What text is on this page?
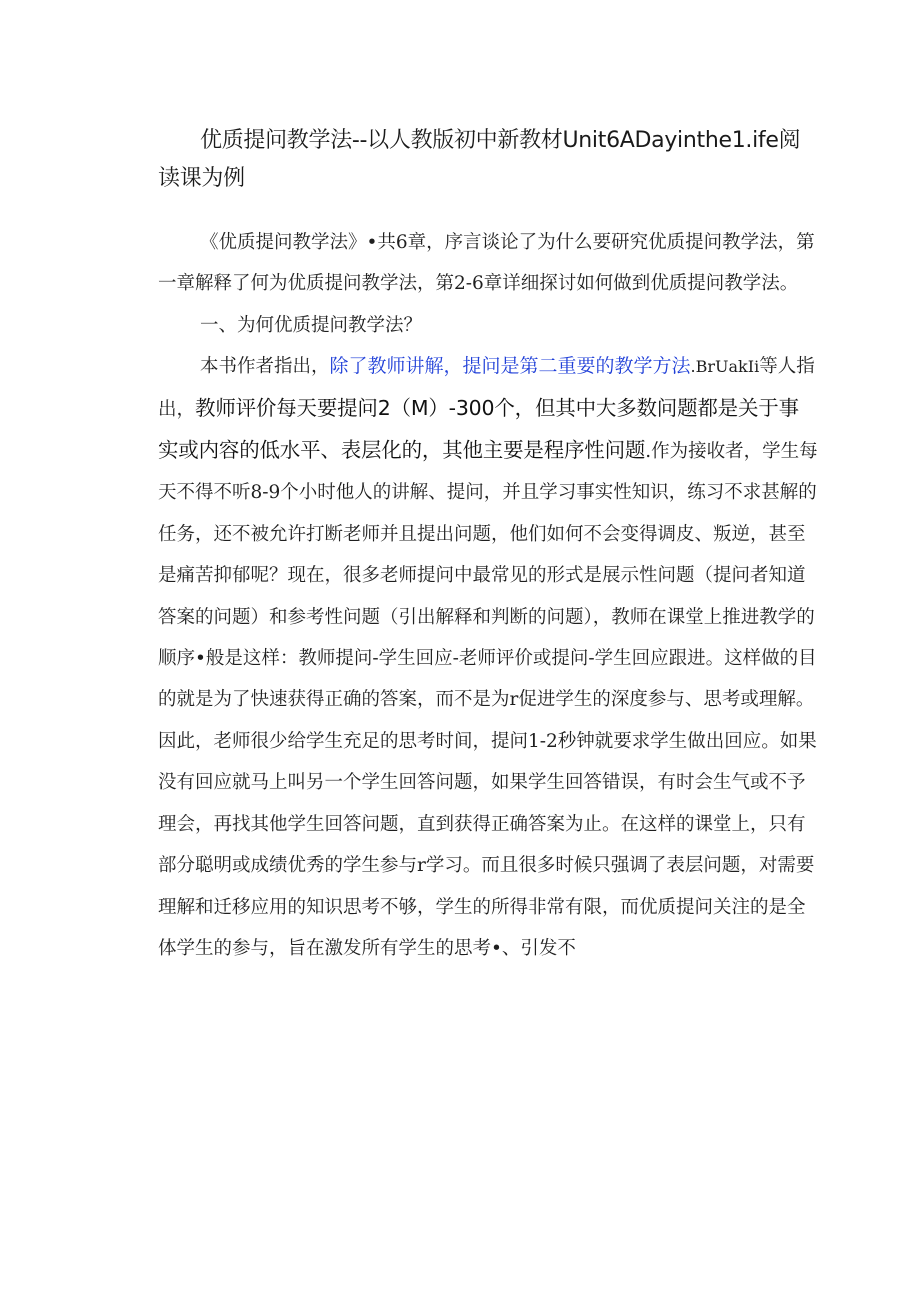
优质提问教学法--以人教版初中新教材Unit6ADayinthe1.ife阅读课为例

《优质提问教学法》•共6章，序言谈论了为什么要研究优质提问教学法，第一章解释了何为优质提问教学法，第2-6章详细探讨如何做到优质提问教学法。

一、为何优质提问教学法？

本书作者指出，除了教师讲解，提问是第二重要的教学方法.BrUakIi等人指出，教师评价每天要提问2（M）-300个，但其中大多数问题都是关于事实或内容的低水平、表层化的，其他主要是程序性问题.作为接收者，学生每天不得不听8-9个小时他人的讲解、提问，并且学习事实性知识，练习不求甚解的任务，还不被允许打断老师并且提出问题，他们如何不会变得调皮、叛逆，甚至是痛苦抑郁呢？现在，很多老师提问中最常见的形式是展示性问题（提问者知道答案的问题）和参考性问题（引出解释和判断的问题），教师在课堂上推进教学的顺序•般是这样：教师提问-学生回应-老师评价或提问-学生回应跟进。这样做的目的就是为了快速获得正确的答案，而不是为r促进学生的深度参与、思考或理解。因此，老师很少给学生充足的思考时间，提问1-2秒钟就要求学生做出回应。如果没有回应就马上叫另一个学生回答问题，如果学生回答错误，有时会生气或不予理会，再找其他学生回答问题，直到获得正确答案为止。在这样的课堂上，只有部分聪明或成绩优秀的学生参与r学习。而且很多时候只强调了表层问题，对需要理解和迁移应用的知识思考不够，学生的所得非常有限，而优质提问关注的是全体学生的参与，旨在激发所有学生的思考•、引发不
